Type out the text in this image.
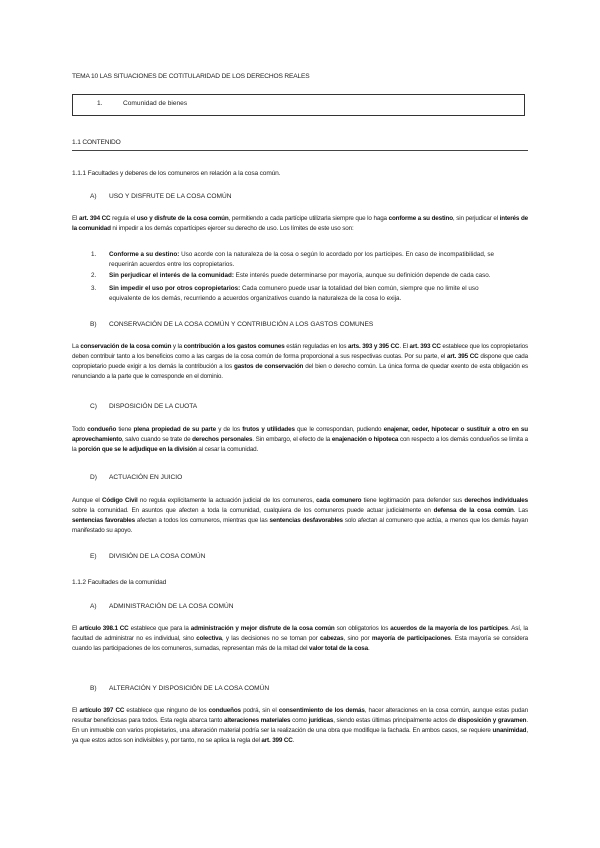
TEMA 10 LAS SITUACIONES DE COTITULARIDAD DE LOS DERECHOS REALES
1.	Comunidad de bienes
1.1 CONTENIDO
1.1.1 Facultades y deberes de los comuneros en relación a la cosa común.
A) USO Y DISFRUTE DE LA COSA COMÚN
El art. 394 CC regula el uso y disfrute de la cosa común, permitiendo a cada partícipe utilizarla siempre que lo haga conforme a su destino, sin perjudicar el interés de la comunidad ni impedir a los demás copartícipes ejercer su derecho de uso. Los límites de este uso son:
1. Conforme a su destino: Uso acorde con la naturaleza de la cosa o según lo acordado por los partícipes. En caso de incompatibilidad, se
requerirán acuerdos entre los copropietarios.
2. Sin perjudicar el interés de la comunidad: Este interés puede determinarse por mayoría, aunque su definición depende de cada caso.
3. Sin impedir el uso por otros copropietarios: Cada comunero puede usar la totalidad del bien común, siempre que no limite el uso
equivalente de los demás, recurriendo a acuerdos organizativos cuando la naturaleza de la cosa lo exija.
B) CONSERVACIÓN DE LA COSA COMÚN Y CONTRIBUCIÓN A LOS GASTOS COMUNES
La conservación de la cosa común y la contribución a los gastos comunes están reguladas en los arts. 393 y 395 CC. El art. 393 CC establece que los copropietarios deben contribuir tanto a los beneficios como a las cargas de la cosa común de forma proporcional a sus respectivas cuotas. Por su parte, el art. 395 CC dispone que cada copropietario puede exigir a los demás la contribución a los gastos de conservación del bien o derecho común. La única forma de quedar exento de esta obligación es renunciando a la parte que le corresponde en el dominio.
C) DISPOSICIÓN DE LA CUOTA
Todo condueño tiene plena propiedad de su parte y de los frutos y utilidades que le correspondan, pudiendo enajenar, ceder, hipotecar o sustituir a otro en su aprovechamiento, salvo cuando se trate de derechos personales. Sin embargo, el efecto de la enajenación o hipoteca con respecto a los demás condueños se limita a la porción que se le adjudique en la división al cesar la comunidad.
D) ACTUACIÓN EN JUICIO
Aunque el Código Civil no regula explícitamente la actuación judicial de los comuneros, cada comunero tiene legitimación para defender sus derechos individuales sobre la comunidad. En asuntos que afecten a toda la comunidad, cualquiera de los comuneros puede actuar judicialmente en defensa de la cosa común. Las sentencias favorables afectan a todos los comuneros, mientras que las sentencias desfavorables solo afectan al comunero que actúa, a menos que los demás hayan manifestado su apoyo.
E) DIVISIÓN DE LA COSA COMÚN
1.1.2 Facultades de la comunidad
A) ADMINISTRACIÓN DE LA COSA COMÚN
El artículo 398.1 CC establece que para la administración y mejor disfrute de la cosa común son obligatorios los acuerdos de la mayoría de los partícipes. Así, la facultad de administrar no es individual, sino colectiva, y las decisiones no se toman por cabezas, sino por mayoría de participaciones. Esta mayoría se considera cuando las participaciones de los comuneros, sumadas, representan más de la mitad del valor total de la cosa.
B) ALTERACIÓN Y DISPOSICIÓN DE LA COSA COMÚN
El artículo 397 CC establece que ninguno de los condueños podrá, sin el consentimiento de los demás, hacer alteraciones en la cosa común, aunque estas pudan resultar beneficiosas para todos. Esta regla abarca tanto alteraciones materiales como jurídicas, siendo estas últimas principalmente actos de disposición y gravamen. En un inmueble con varios propietarios, una alteración material podría ser la realización de una obra que modifique la fachada. En ambos casos, se requiere unanimidad, ya que estos actos son indivisibles y, por tanto, no se aplica la regla del art. 399 CC.
